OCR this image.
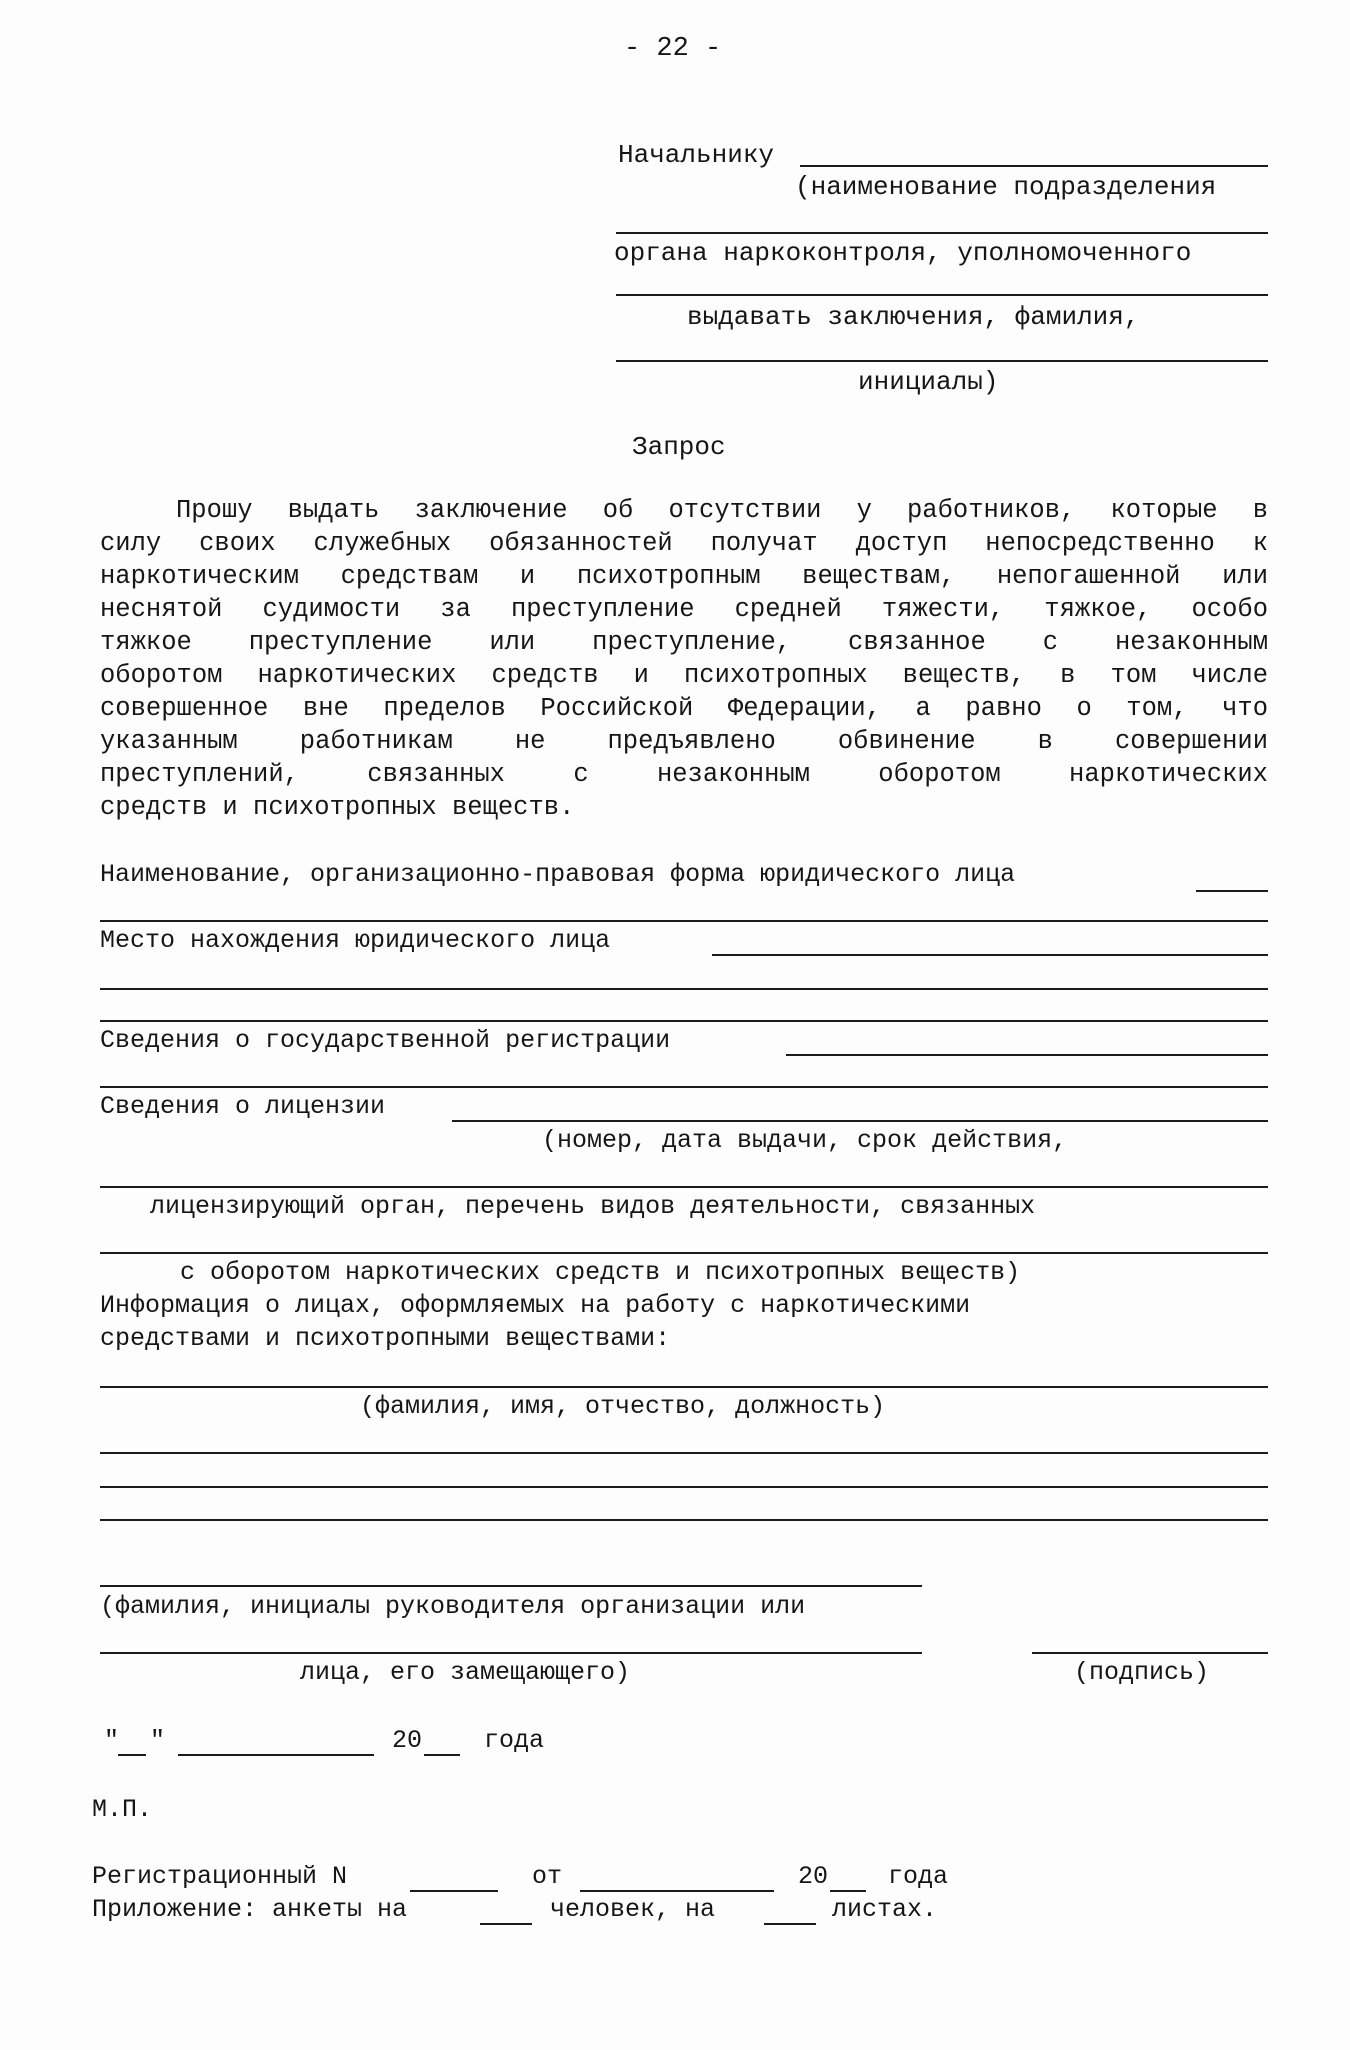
- 22 -
Начальнику
(наименование подразделения
органа наркоконтроля, уполномоченного
выдавать заключения, фамилия,
инициалы)
Запрос
Прошу выдать заключение об отсутствии у работников, которые в
силу своих служебных обязанностей получат доступ непосредственно к
наркотическим средствам и психотропным веществам, непогашенной или
неснятой судимости за преступление средней тяжести, тяжкое, особо
тяжкое преступление или преступление, связанное с незаконным
оборотом наркотических средств и психотропных веществ, в том числе
совершенное вне пределов Российской Федерации, а равно о том, что
указанным работникам не предъявлено обвинение в совершении
преступлений, связанных с незаконным оборотом наркотических
средств и психотропных веществ.
Наименование, организационно-правовая форма юридического лица
Место нахождения юридического лица
Сведения о государственной регистрации
Сведения о лицензии
(номер, дата выдачи, срок действия,
лицензирующий орган, перечень видов деятельности, связанных
с оборотом наркотических средств и психотропных веществ)
Информация о лицах, оформляемых на работу с наркотическими
средствами и психотропными веществами:
(фамилия, имя, отчество, должность)
(фамилия, инициалы руководителя организации или
лица, его замещающего)	(подпись)
" "	20 года
М.П.
Регистрационный N	от	20 года
Приложение: анкеты на	человек, на	листах.
